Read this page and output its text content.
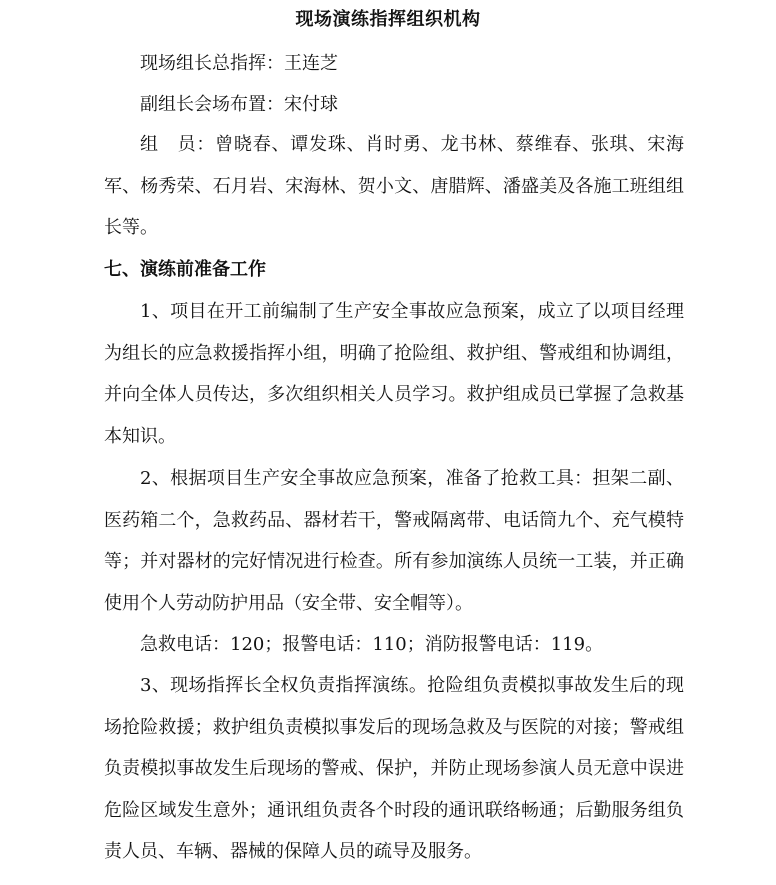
现场演练指挥组织机构
现场组长总指挥：王连芝
副组长会场布置：宋付球
组　员：曾晓春、谭发珠、肖时勇、龙书林、蔡维春、张琪、宋海军、杨秀荣、石月岩、宋海林、贺小文、唐腊辉、潘盛美及各施工班组组长等。
七、演练前准备工作
1、项目在开工前编制了生产安全事故应急预案，成立了以项目经理为组长的应急救援指挥小组，明确了抢险组、救护组、警戒组和协调组，并向全体人员传达，多次组织相关人员学习。救护组成员已掌握了急救基本知识。
2、根据项目生产安全事故应急预案，准备了抢救工具：担架二副、医药箱二个，急救药品、器材若干，警戒隔离带、电话筒九个、充气模特等；并对器材的完好情况进行检查。所有参加演练人员统一工装，并正确使用个人劳动防护用品（安全带、安全帽等）。
急救电话：120；报警电话：110；消防报警电话：119。
3、现场指挥长全权负责指挥演练。抢险组负责模拟事故发生后的现场抢险救援；救护组负责模拟事发后的现场急救及与医院的对接；警戒组负责模拟事故发生后现场的警戒、保护，并防止现场参演人员无意中误进危险区域发生意外；通讯组负责各个时段的通讯联络畅通；后勤服务组负责人员、车辆、器械的保障人员的疏导及服务。
